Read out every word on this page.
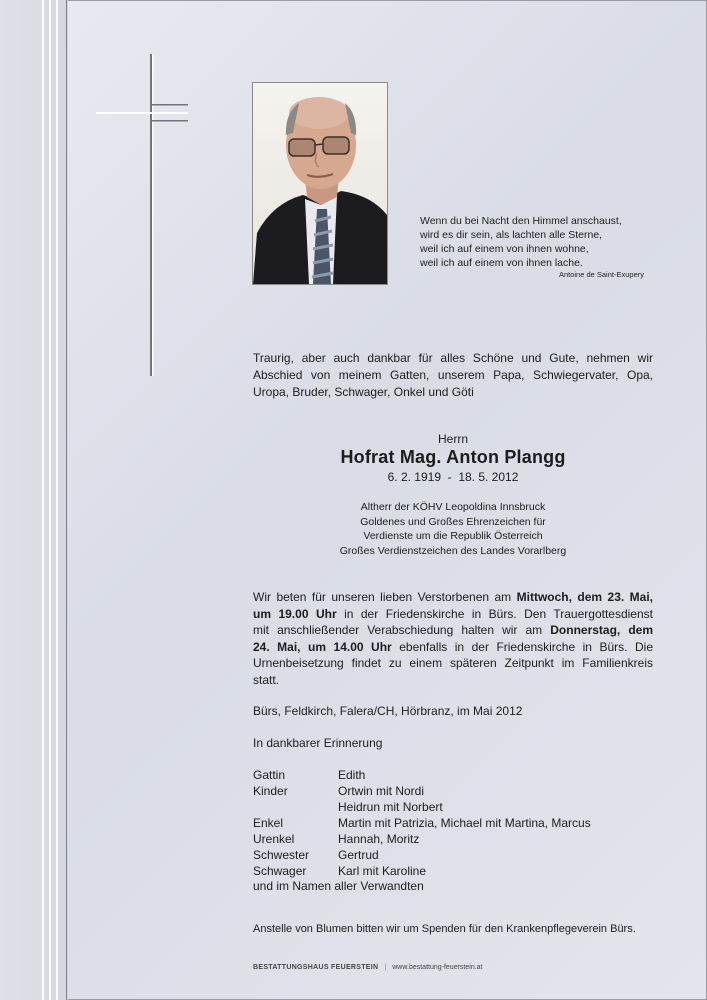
Wenn du bei Nacht den Himmel anschaust,
wird es dir sein, als lachten alle Sterne,
weil ich auf einem von ihnen wohne,
weil ich auf einem von ihnen lache.
Antoine de Saint-Exupery
Traurig, aber auch dankbar für alles Schöne und Gute, nehmen wir
Abschied von meinem Gatten, unserem Papa, Schwiegervater, Opa,
Uropa, Bruder, Schwager, Onkel und Göti
Herrn
Hofrat Mag. Anton Plangg
6. 2. 1919  -  18. 5. 2012
Altherr der KÖHV Leopoldina Innsbruck
Goldenes und Großes Ehrenzeichen für
Verdienste um die Republik Österreich
Großes Verdienstzeichen des Landes Vorarlberg
Wir beten für unseren lieben Verstorbenen am Mittwoch, dem 23. Mai,
um 19.00 Uhr in der Friedenskirche in Bürs. Den Trauergottesdienst
mit anschließender Verabschiedung halten wir am Donnerstag, dem
24. Mai, um 14.00 Uhr ebenfalls in der Friedenskirche in Bürs. Die
Urnenbeisetzung findet zu einem späteren Zeitpunkt im Familienkreis
statt.
Bürs, Feldkirch, Falera/CH, Hörbranz, im Mai 2012
In dankbarer Erinnerung
Gattin	Edith
Kinder	Ortwin mit Nordi
	Heidrun mit Norbert
Enkel	Martin mit Patrizia, Michael mit Martina, Marcus
Urenkel	Hannah, Moritz
Schwester	Gertrud
Schwager	Karl mit Karoline
und im Namen aller Verwandten
Anstelle von Blumen bitten wir um Spenden für den Krankenpflegeverein Bürs.
BESTATTUNGSHAUS FEUERSTEIN | www.bestattung-feuerstein.at
